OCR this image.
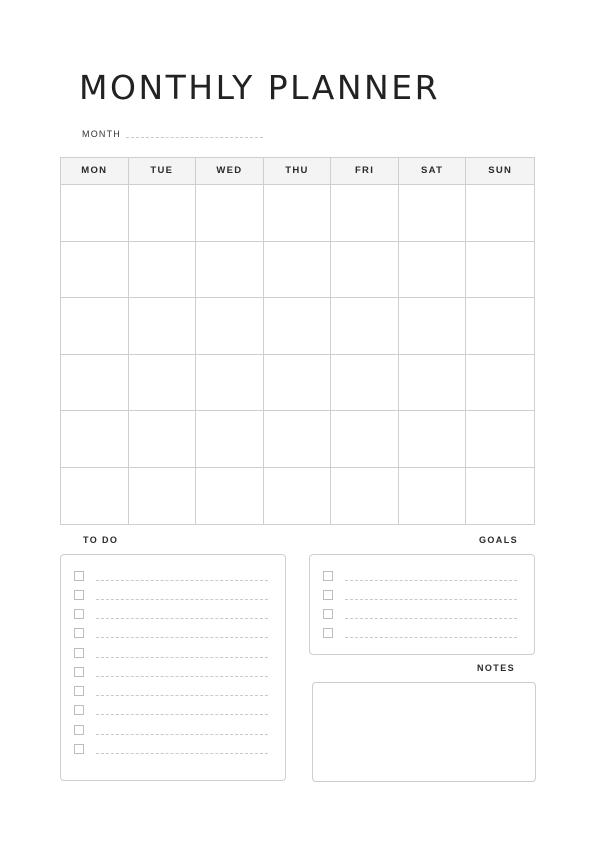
MONTHLY PLANNER
MONTH
MON	TUE	WED	THU	FRI	SAT	SUN
TO DO	GOALS
NOTES
